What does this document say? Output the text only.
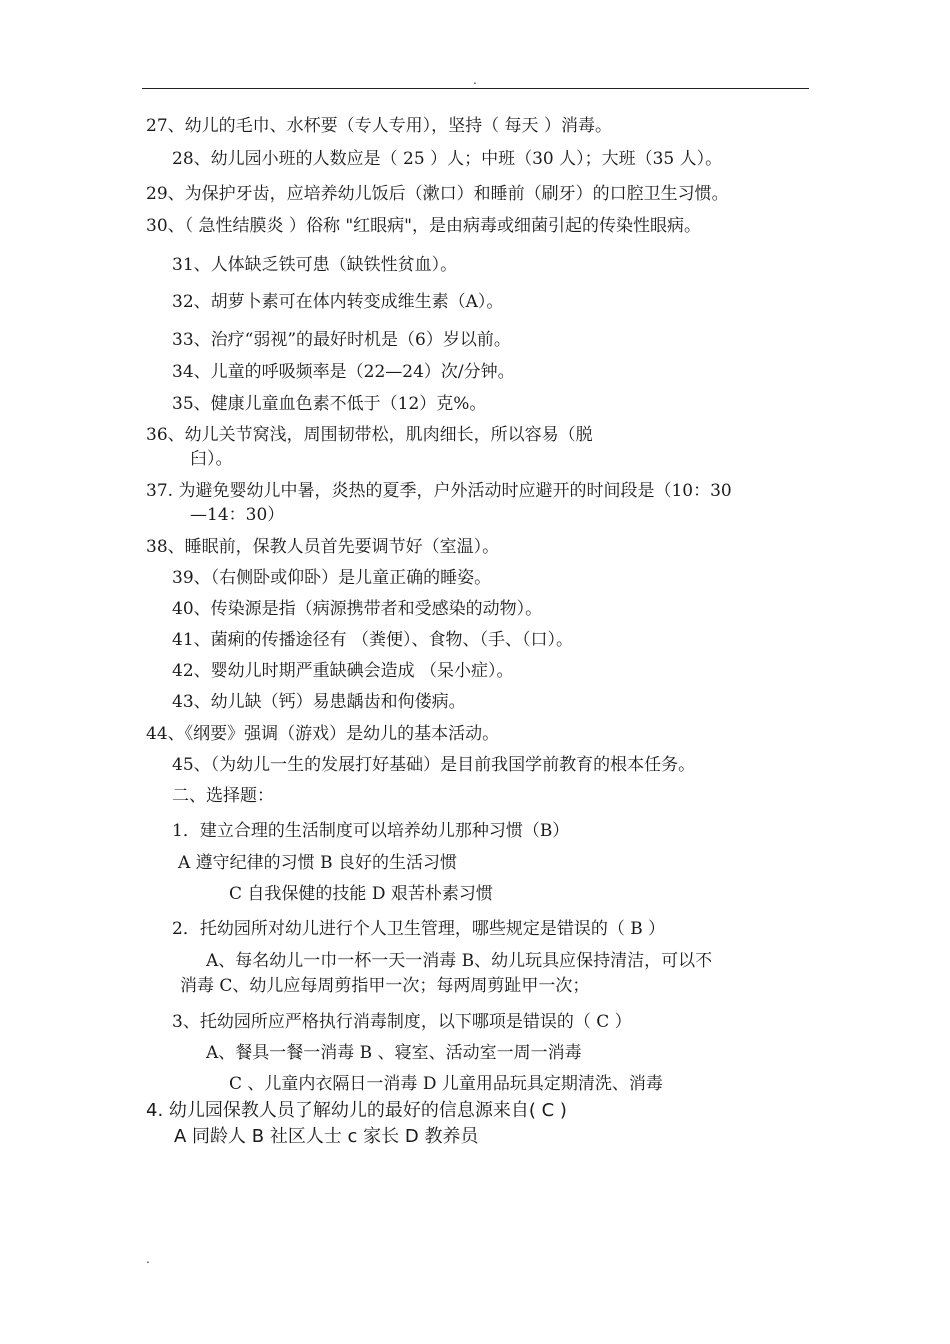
.
27、幼儿的毛巾、水杯要（专人专用），坚持（ 每天 ）消毒。
28、幼儿园小班的人数应是（ 25 ）人；中班（30 人）；大班（35 人）。
29、为保护牙齿，应培养幼儿饭后（漱口）和睡前（刷牙）的口腔卫生习惯。
30、（ 急性结膜炎 ）俗称 "红眼病"，是由病毒或细菌引起的传染性眼病。
31、人体缺乏铁可患（缺铁性贫血）。
32、胡萝卜素可在体内转变成维生素（A）。
33、治疗“弱视”的最好时机是（6）岁以前。
34、儿童的呼吸频率是（22—24）次/分钟。
35、健康儿童血色素不低于（12）克%。
36、幼儿关节窝浅，周围韧带松，肌肉细长，所以容易（脱
臼）。
37. 为避免婴幼儿中暑，炎热的夏季，户外活动时应避开的时间段是（10：30
—14：30）
38、睡眠前，保教人员首先要调节好（室温）。
39、（右侧卧或仰卧）是儿童正确的睡姿。
40、传染源是指（病源携带者和受感染的动物）。
41、菌痢的传播途径有 （粪便）、食物、（手、（口）。
42、婴幼儿时期严重缺碘会造成 （呆小症）。
43、幼儿缺（钙）易患龋齿和佝偻病。
44、《纲要》强调（游戏）是幼儿的基本活动。
45、（为幼儿一生的发展打好基础）是目前我国学前教育的根本任务。
二、选择题：
1．建立合理的生活制度可以培养幼儿那种习惯（B）
A 遵守纪律的习惯 B 良好的生活习惯
C 自我保健的技能 D 艰苦朴素习惯
2．托幼园所对幼儿进行个人卫生管理，哪些规定是错误的（ B ）
A、每名幼儿一巾一杯一天一消毒 B、幼儿玩具应保持清洁，可以不
消毒 C、幼儿应每周剪指甲一次；每两周剪趾甲一次；
3、托幼园所应严格执行消毒制度，以下哪项是错误的（ C ）
A、餐具一餐一消毒 B 、寝室、活动室一周一消毒
C 、儿童内衣隔日一消毒 D 儿童用品玩具定期清洗、消毒
4. 幼儿园保教人员了解幼儿的最好的信息源来自( C )
A 同龄人 B 社区人士 c 家长 D 教养员
.
